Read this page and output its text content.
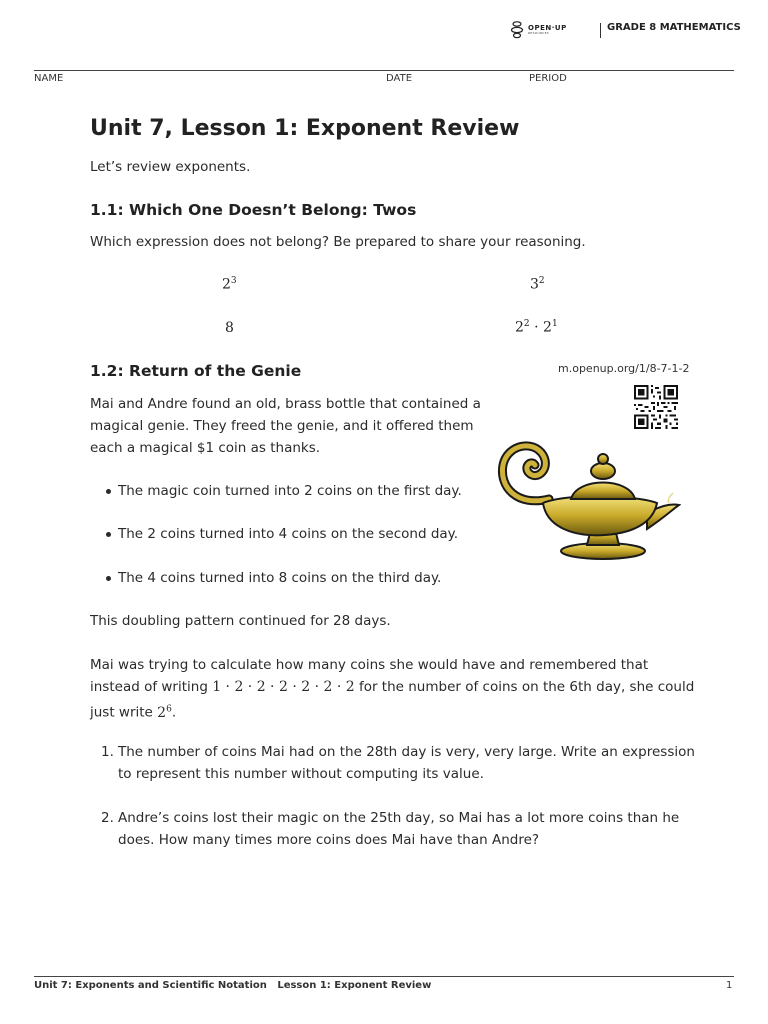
OPEN·UP
RESOURCES	GRADE 8 MATHEMATICS
NAME	DATE	PERIOD
Unit 7, Lesson 1: Exponent Review
Let’s review exponents.
1.1: Which One Doesn’t Belong: Twos
Which expression does not belong? Be prepared to share your reasoning.
$2^3$	$3^2$
8	$2^2 \cdot 2^1$
1.2: Return of the Genie	m.openup.org/1/8-7-1-2
Mai and Andre found an old, brass bottle that contained a
magical genie. They freed the genie, and it offered them
each a magical $1 coin as thanks.
The magic coin turned into 2 coins on the first day.
The 2 coins turned into 4 coins on the second day.
The 4 coins turned into 8 coins on the third day.
This doubling pattern continued for 28 days.
Mai was trying to calculate how many coins she would have and remembered that
instead of writing 1 · 2 · 2 · 2 · 2 · 2 · 2 for the number of coins on the 6th day, she could
just write $2^6$.
1. The number of coins Mai had on the 28th day is very, very large. Write an expression
to represent this number without computing its value.
2. Andre’s coins lost their magic on the 25th day, so Mai has a lot more coins than he
does. How many times more coins does Mai have than Andre?
Unit 7: Exponents and Scientific Notation   Lesson 1: Exponent Review	1
